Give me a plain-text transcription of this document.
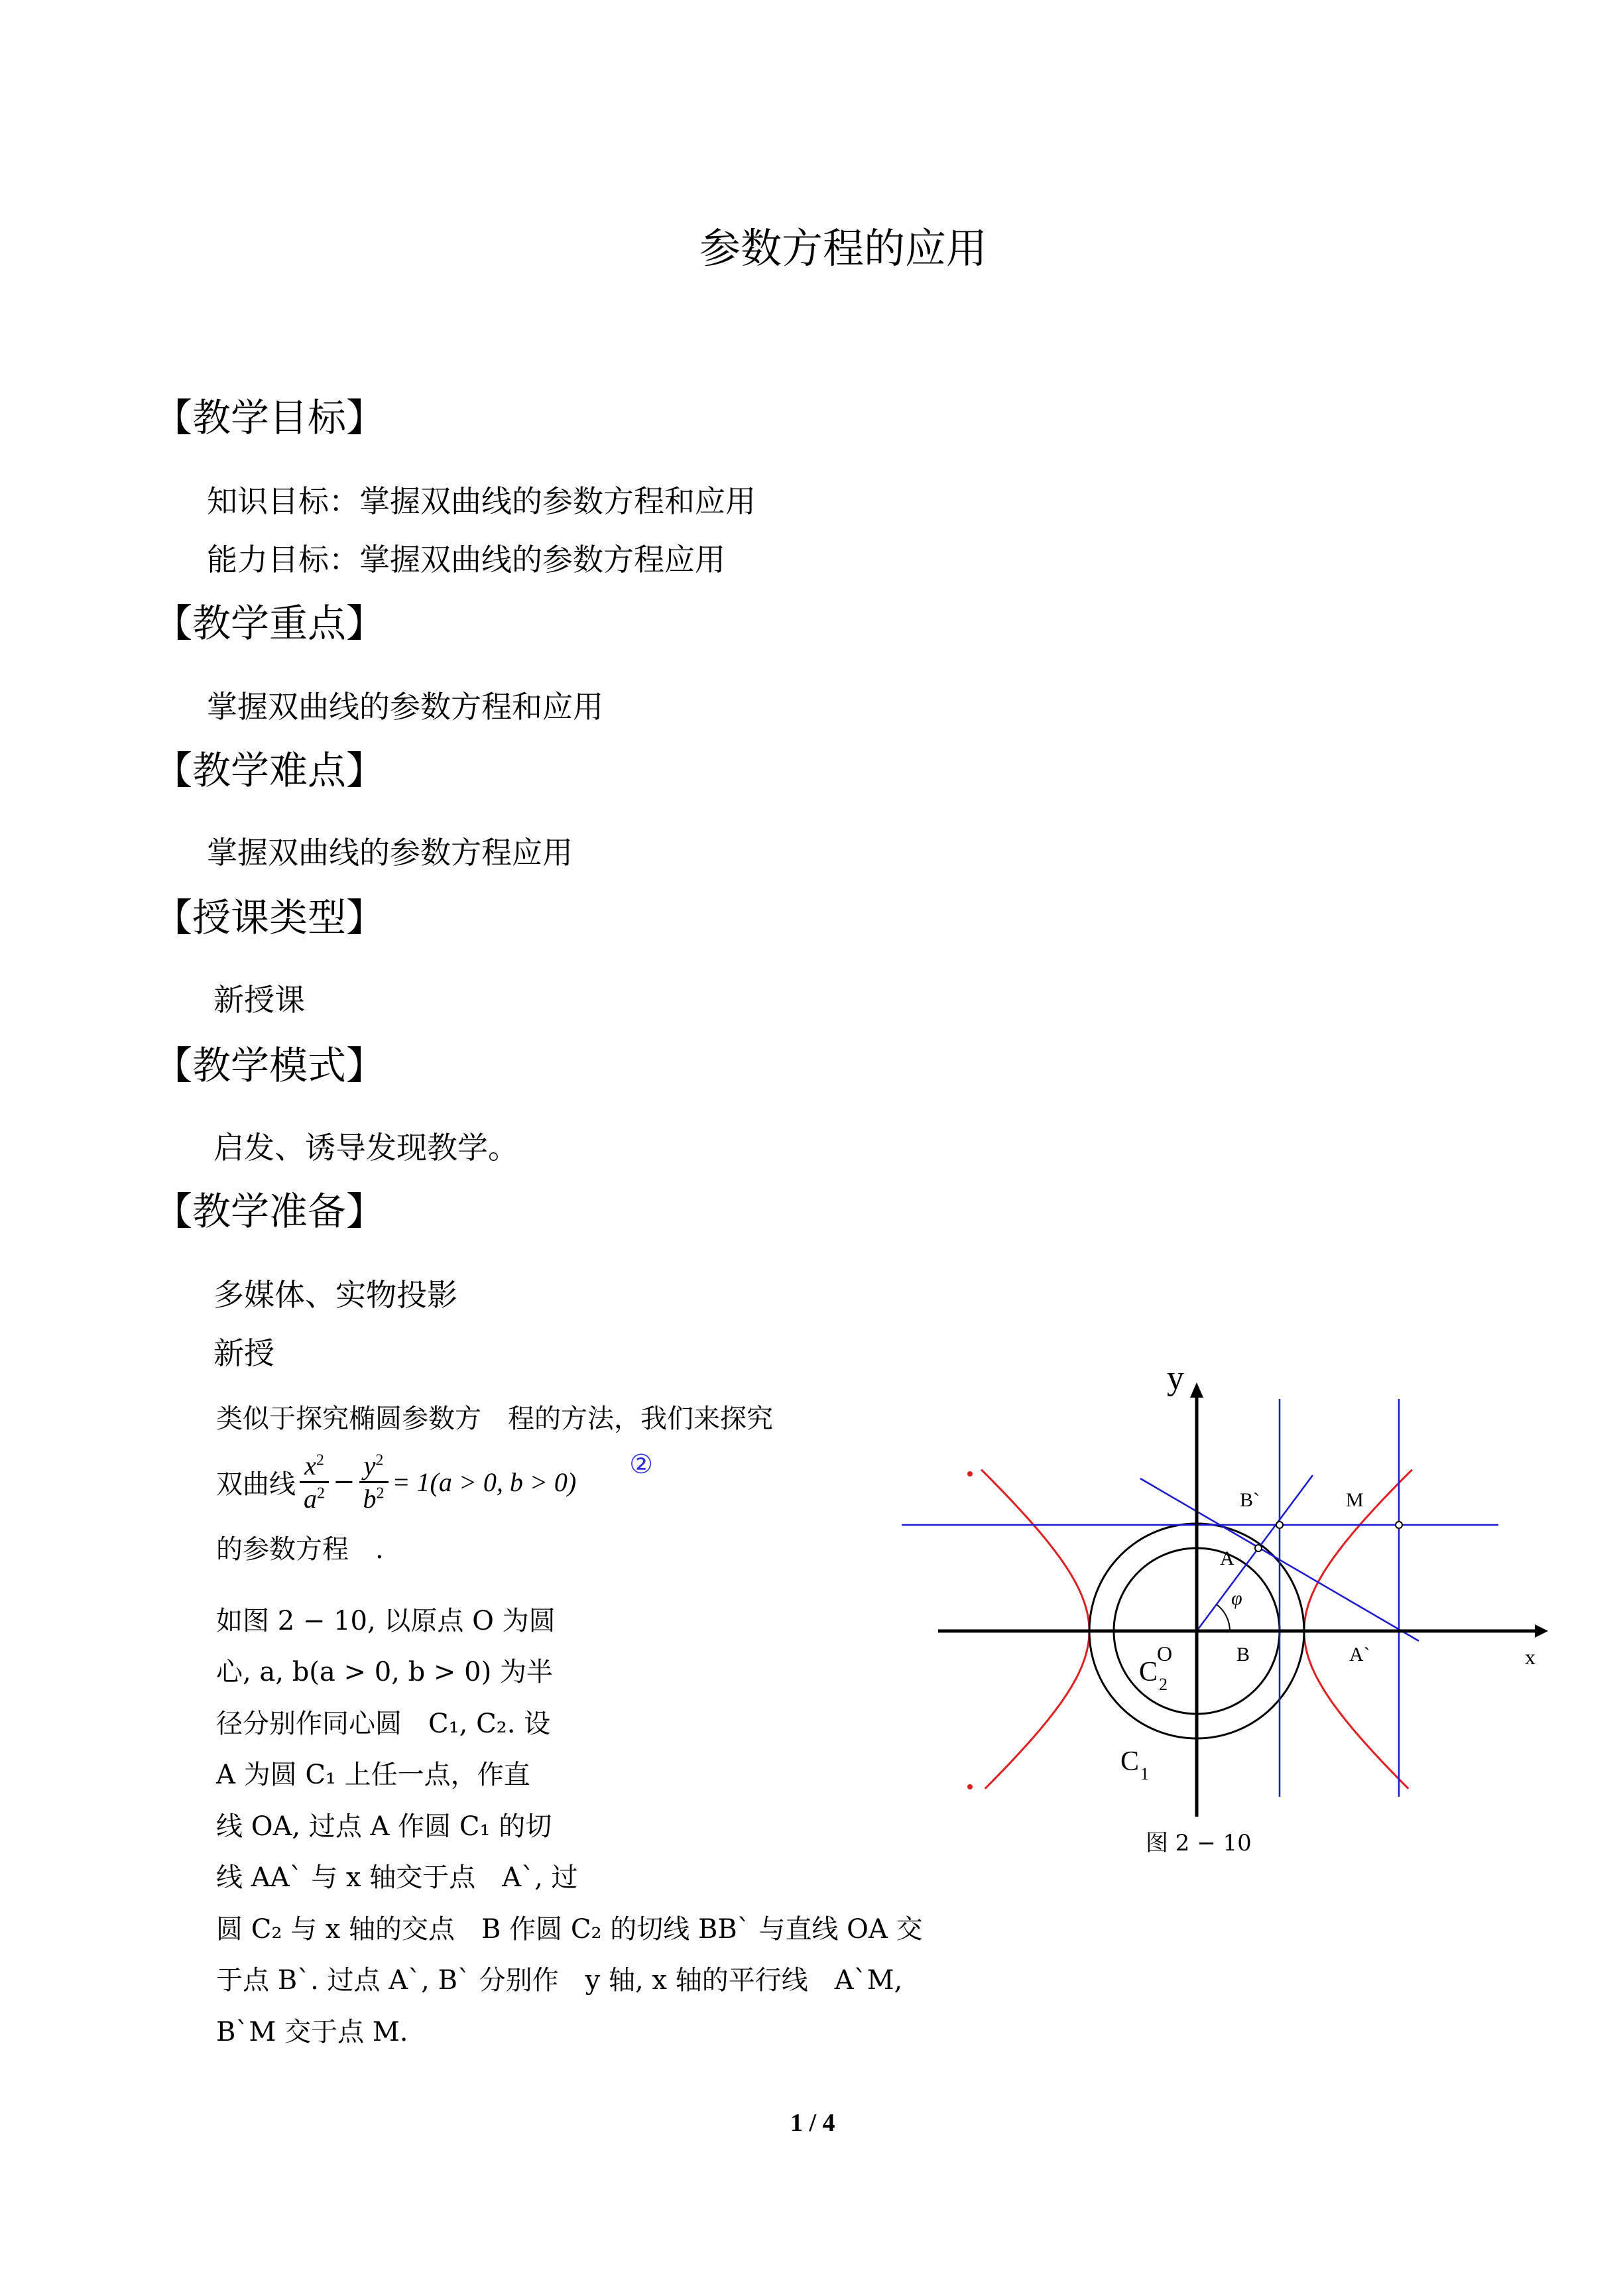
参数方程的应用
【教学目标】
知识目标：掌握双曲线的参数方程和应用
能力目标：掌握双曲线的参数方程应用
【教学重点】
掌握双曲线的参数方程和应用
【教学难点】
掌握双曲线的参数方程应用
【授课类型】
新授课
【教学模式】
启发、诱导发现教学。
【教学准备】
多媒体、实物投影
新授
类似于探究椭圆参数方　程的方法，我们来探究
双曲线 $\frac{x^2}{a^2} - \frac{y^2}{b^2} = 1(a > 0$, b > 0)
②
的参数方程　.
如图 2 − 10, 以原点 O 为圆
心, a, b(a > 0, b > 0) 为半
径分别作同心圆　C₁, C₂. 设
A 为圆 C₁ 上任一点，作直
线 OA, 过点 A 作圆 C₁ 的切
线 AA` 与 x 轴交于点　A`, 过
圆 C₂ 与 x 轴的交点　B 作圆 C₂ 的切线 BB` 与直线 OA 交
于点 B`. 过点 A`, B` 分别作　y 轴, x 轴的平行线　A`M,
B`M 交于点 M.
y
x
O
A
B	A`
B`	M
φ
$C_2$
$C_1$
图 2 − 10
1 / 4
